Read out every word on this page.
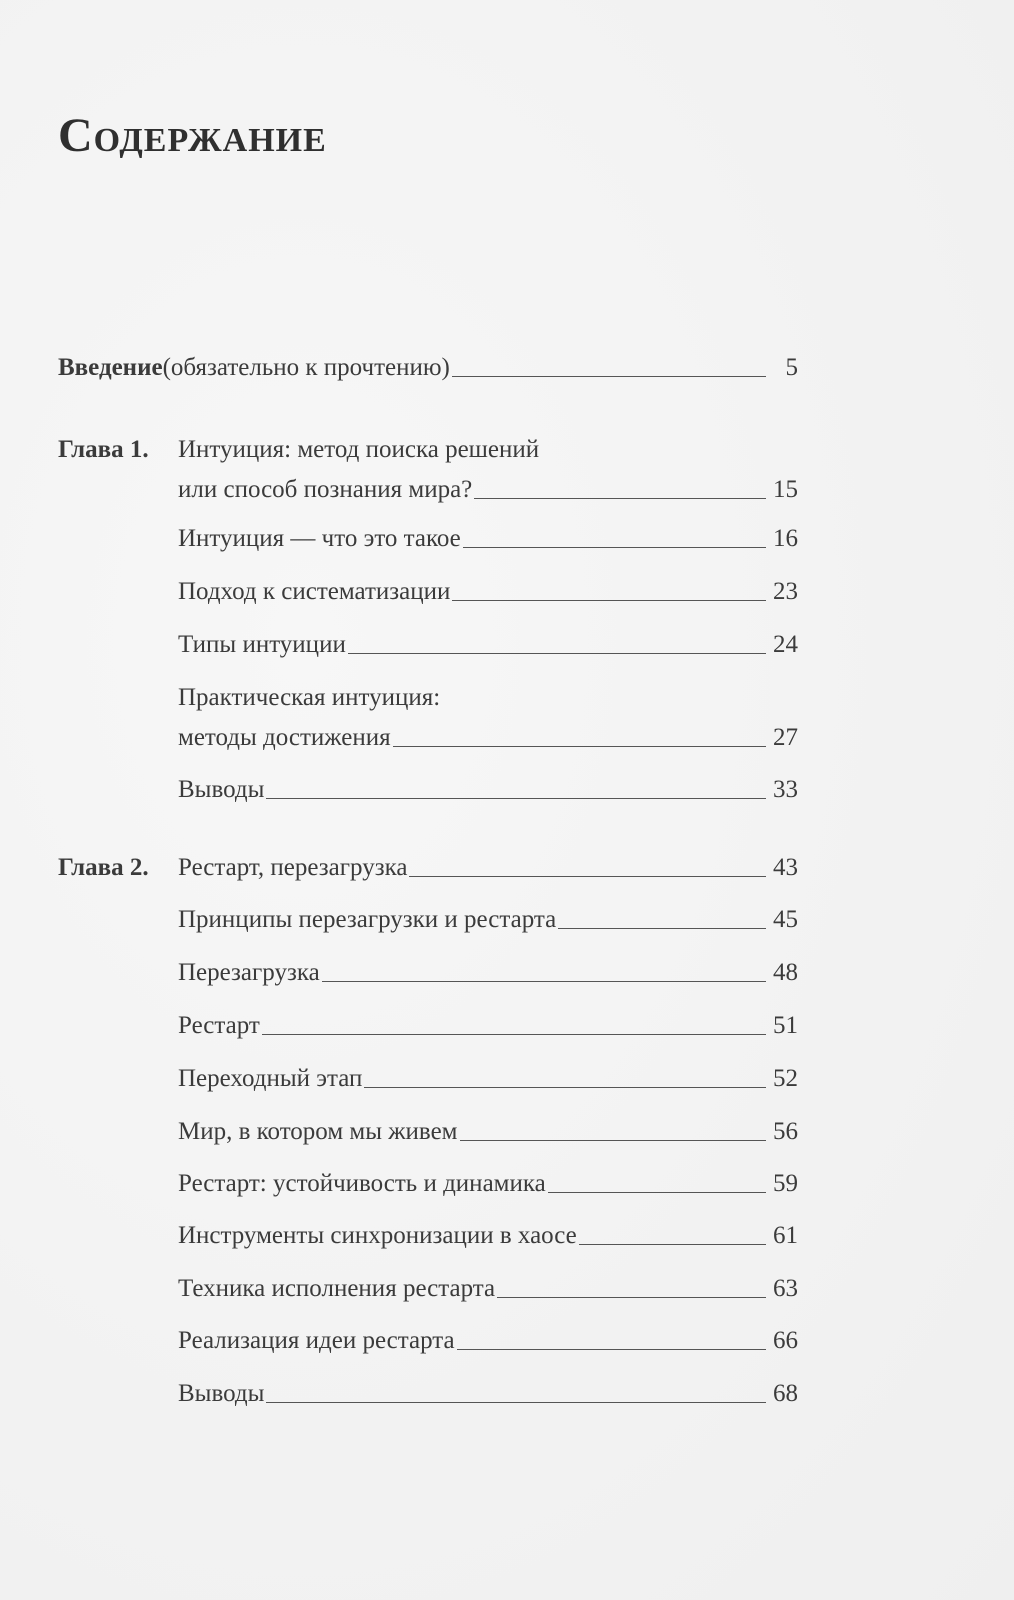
Содержание
Введение (обязательно к прочтению)	5
Глава 1. Интуиция: метод поиска решений
или способ познания мира?	15
Интуиция — что это такое	16
Подход к систематизации	23
Типы интуиции	24
Практическая интуиция:
методы достижения	27
Выводы	33
Глава 2. Рестарт, перезагрузка	43
Принципы перезагрузки и рестарта	45
Перезагрузка	48
Рестарт	51
Переходный этап	52
Мир, в котором мы живем	56
Рестарт: устойчивость и динамика	59
Инструменты синхронизации в хаосе	61
Техника исполнения рестарта	63
Реализация идеи рестарта	66
Выводы	68
